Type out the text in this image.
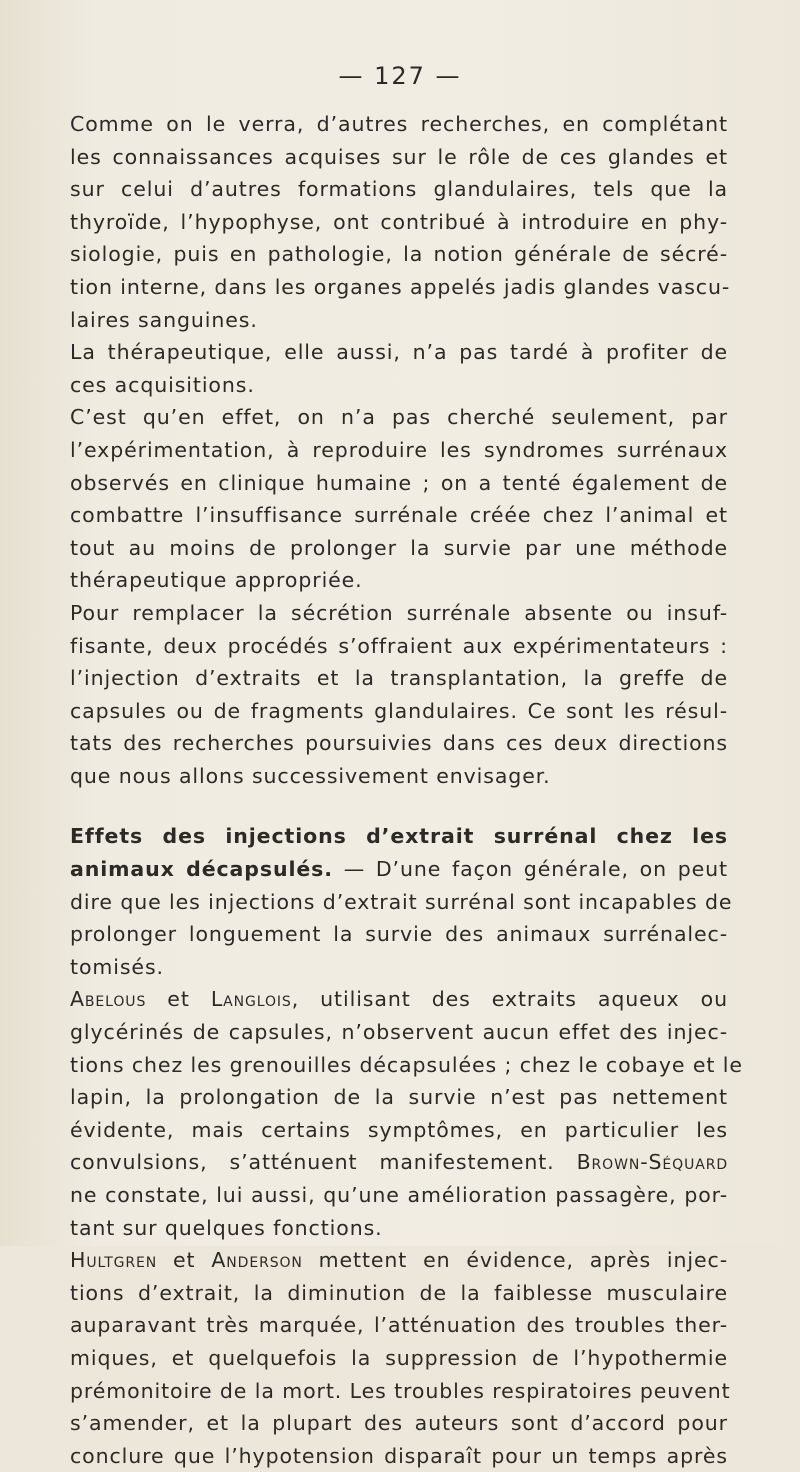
— 127 —
Comme on le verra, d’autres recherches, en complétant
les connaissances acquises sur le rôle de ces glandes et
sur celui d’autres formations glandulaires, tels que la
thyroïde, l’hypophyse, ont contribué à introduire en phy-
siologie, puis en pathologie, la notion générale de sécré-
tion interne, dans les organes appelés jadis glandes vascu-
laires sanguines.
La thérapeutique, elle aussi, n’a pas tardé à profiter de
ces acquisitions.
C’est qu’en effet, on n’a pas cherché seulement, par
l’expérimentation, à reproduire les syndromes surrénaux
observés en clinique humaine ; on a tenté également de
combattre l’insuffisance surrénale créée chez l’animal et
tout au moins de prolonger la survie par une méthode
thérapeutique appropriée.
Pour remplacer la sécrétion surrénale absente ou insuf-
fisante, deux procédés s’offraient aux expérimentateurs :
l’injection d’extraits et la transplantation, la greffe de
capsules ou de fragments glandulaires. Ce sont les résul-
tats des recherches poursuivies dans ces deux directions
que nous allons successivement envisager.
Effets des injections d’extrait surrénal chez les
animaux décapsulés. — D’une façon générale, on peut
dire que les injections d’extrait surrénal sont incapables de
prolonger longuement la survie des animaux surrénalec-
tomisés.
Abelous et Langlois, utilisant des extraits aqueux ou
glycérinés de capsules, n’observent aucun effet des injec-
tions chez les grenouilles décapsulées ; chez le cobaye et le
lapin, la prolongation de la survie n’est pas nettement
évidente, mais certains symptômes, en particulier les
convulsions, s’atténuent manifestement. Brown-Séquard
ne constate, lui aussi, qu’une amélioration passagère, por-
tant sur quelques fonctions.
Hultgren et Anderson mettent en évidence, après injec-
tions d’extrait, la diminution de la faiblesse musculaire
auparavant très marquée, l’atténuation des troubles ther-
miques, et quelquefois la suppression de l’hypothermie
prémonitoire de la mort. Les troubles respiratoires peuvent
s’amender, et la plupart des auteurs sont d’accord pour
conclure que l’hypotension disparaît pour un temps après
